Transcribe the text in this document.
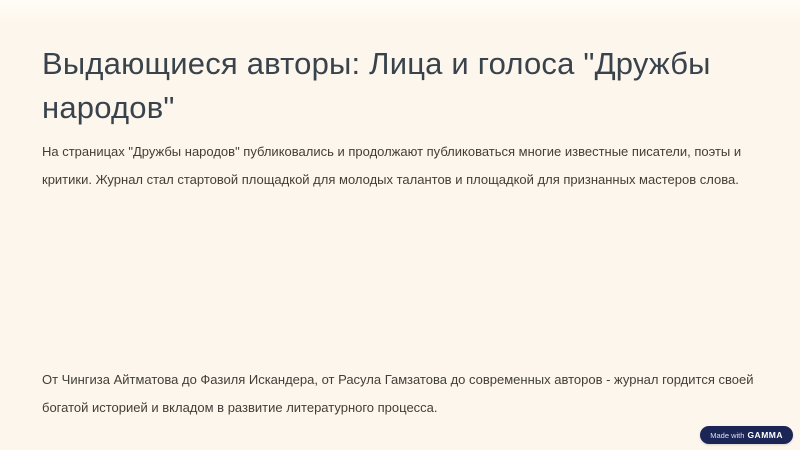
Выдающиеся авторы: Лица и голоса "Дружбы народов"

На страницах "Дружбы народов" публиковались и продолжают публиковаться многие известные писатели, поэты и критики. Журнал стал стартовой площадкой для молодых талантов и площадкой для признанных мастеров слова.

От Чингиза Айтматова до Фазиля Искандера, от Расула Гамзатова до современных авторов - журнал гордится своей богатой историей и вкладом в развитие литературного процесса.

Made with GAMMA
